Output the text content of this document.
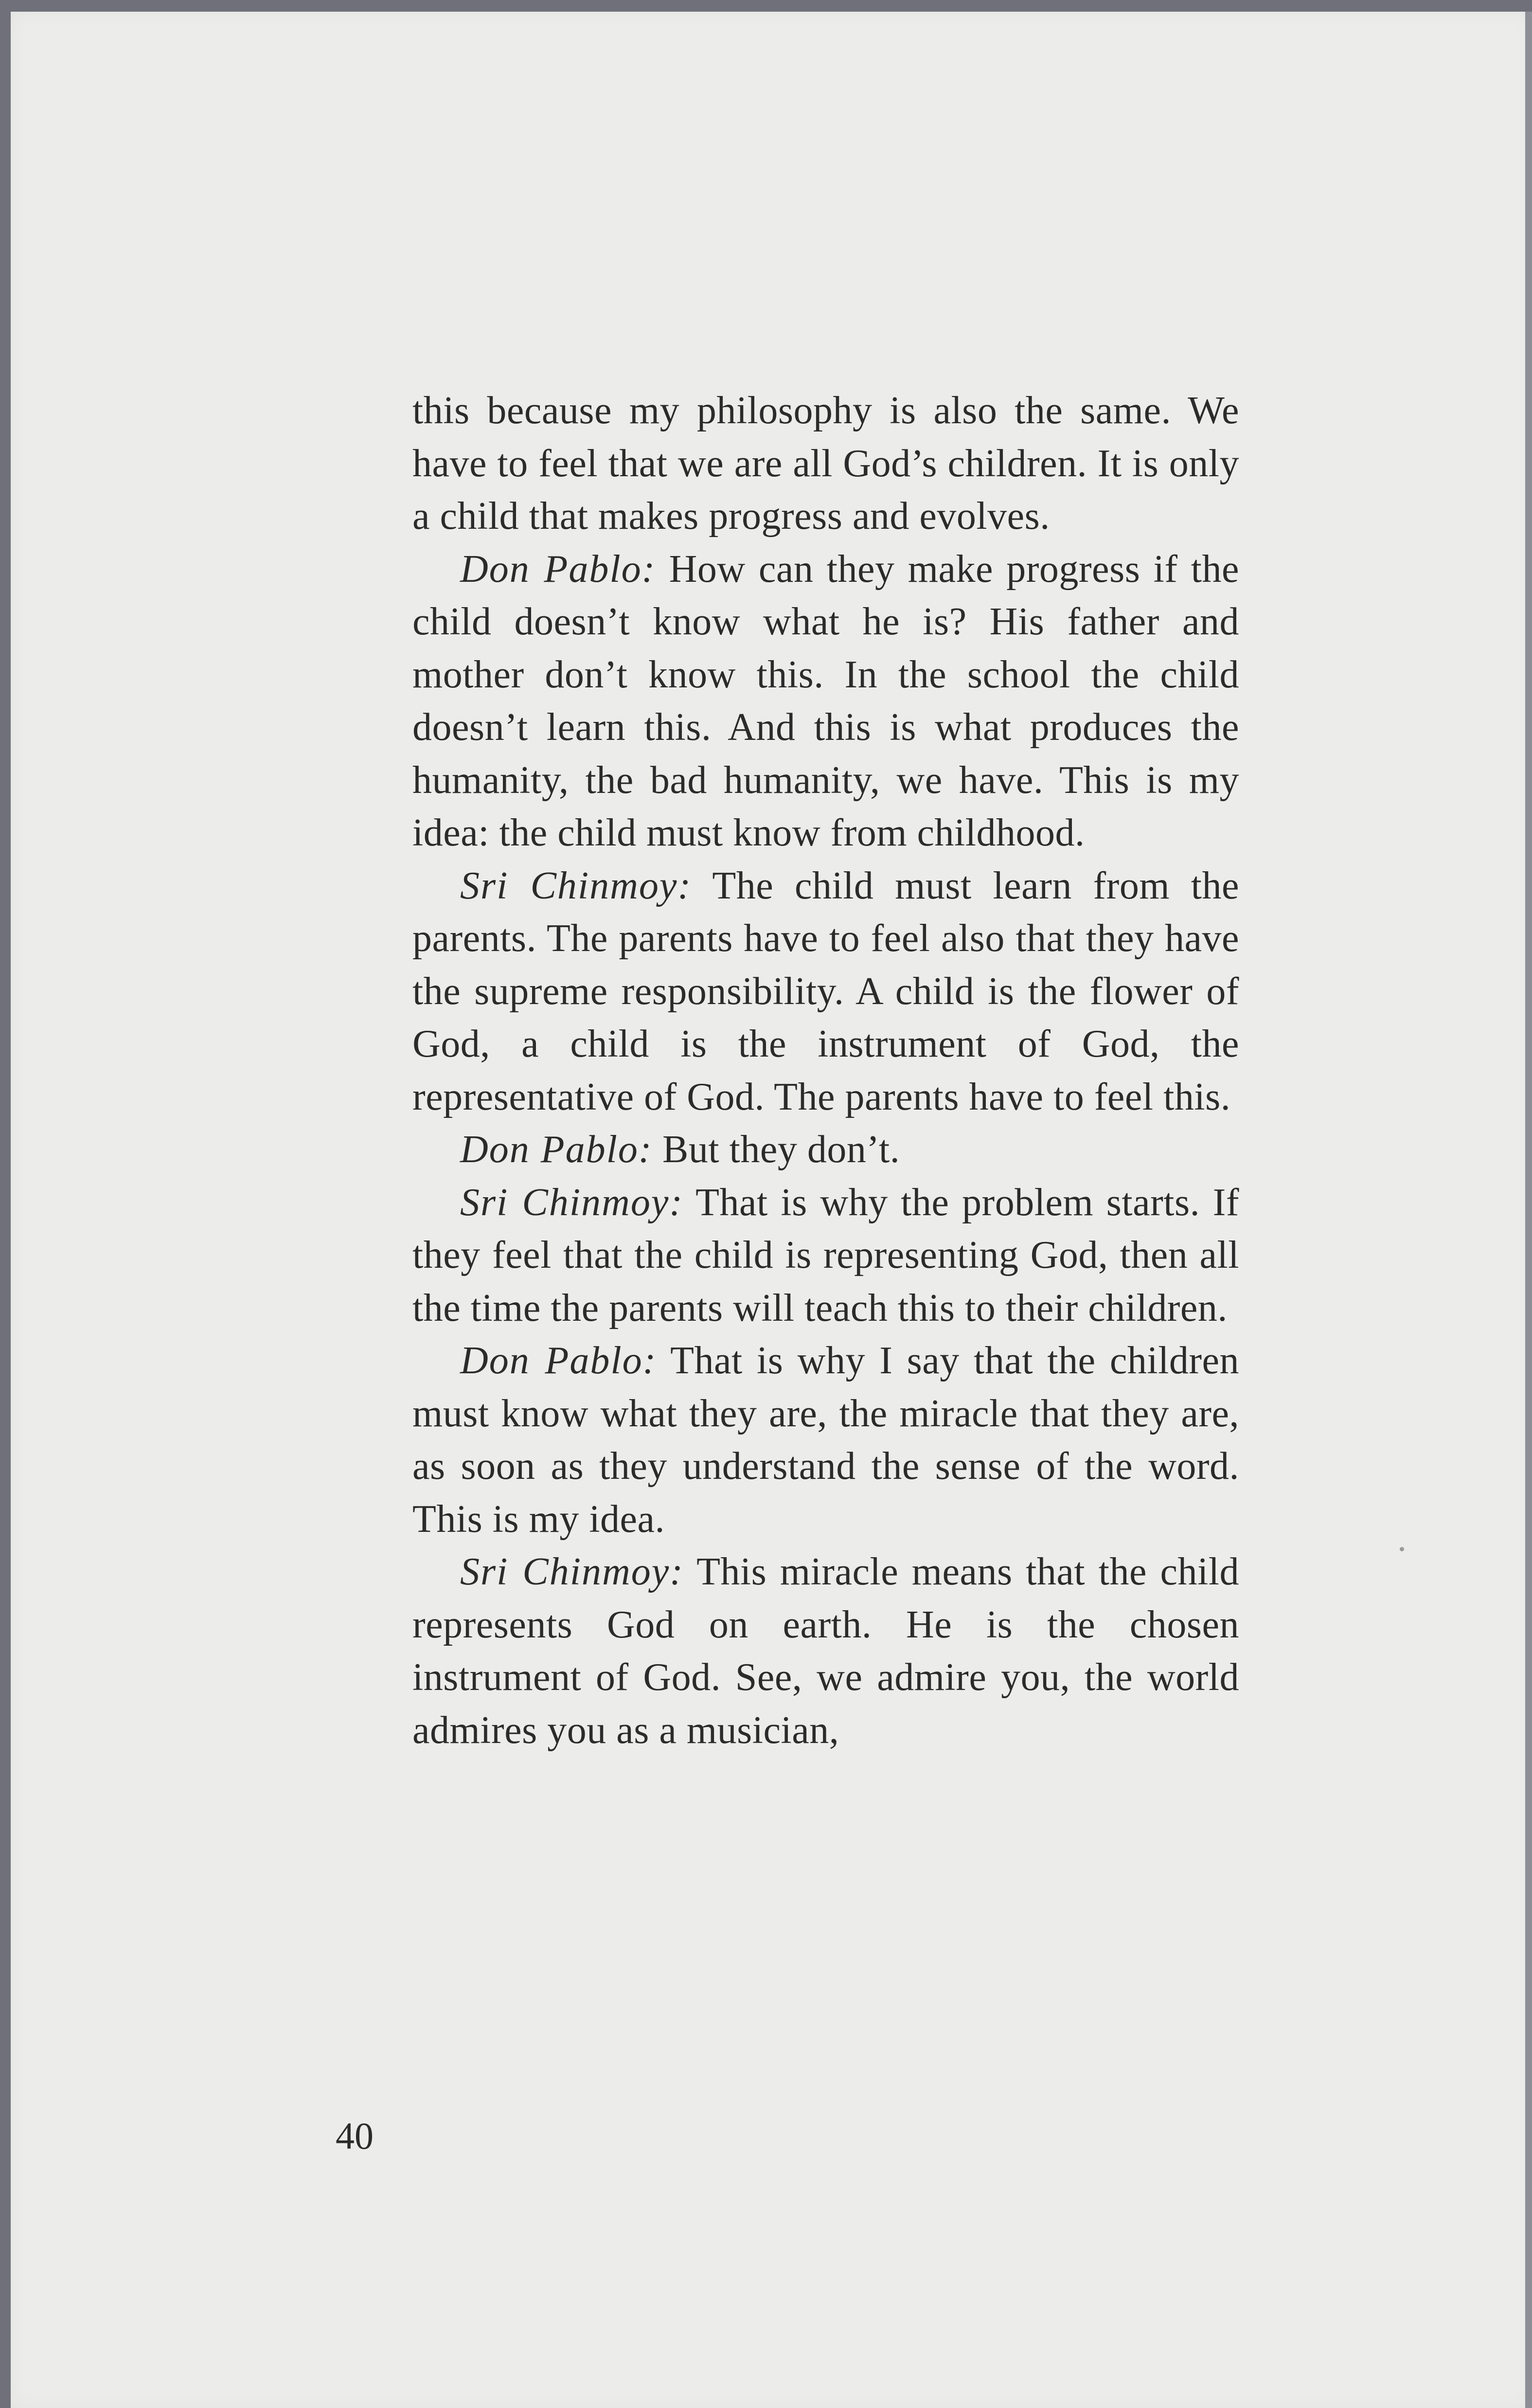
this because my philosophy is also the same. We have to feel that we are all God’s children. It is only a child that makes progress and evolves.

Don Pablo: How can they make progress if the child doesn’t know what he is? His father and mother don’t know this. In the school the child doesn’t learn this. And this is what produces the humanity, the bad humanity, we have. This is my idea: the child must know from childhood.

Sri Chinmoy: The child must learn from the parents. The parents have to feel also that they have the supreme responsibility. A child is the flower of God, a child is the instrument of God, the representative of God. The parents have to feel this.

Don Pablo: But they don’t.

Sri Chinmoy: That is why the problem starts. If they feel that the child is representing God, then all the time the parents will teach this to their children.

Don Pablo: That is why I say that the children must know what they are, the miracle that they are, as soon as they understand the sense of the word. This is my idea.

Sri Chinmoy: This miracle means that the child represents God on earth. He is the chosen instrument of God. See, we admire you, the world admires you as a musician,

40
